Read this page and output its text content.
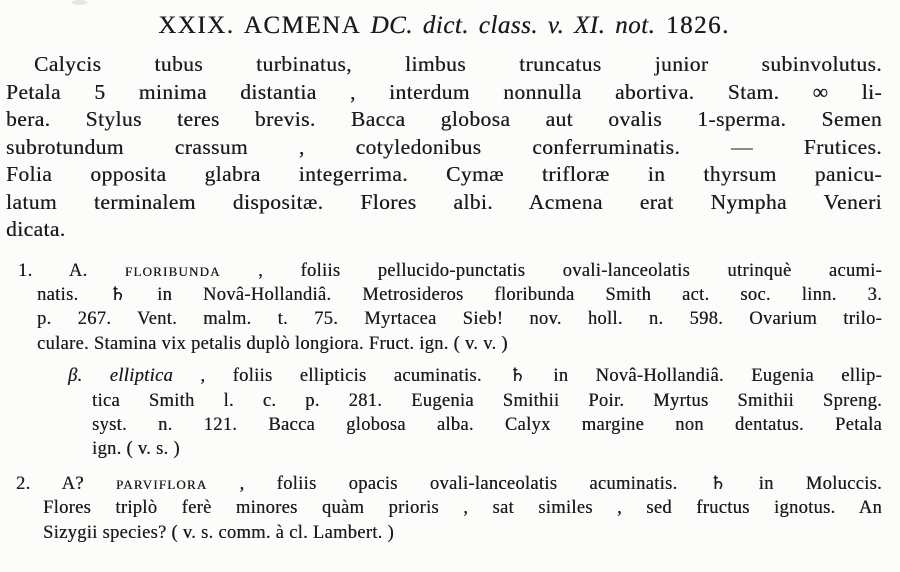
XXIX. ACMENA DC. dict. class. v. XI. not. 1826.
Calycis tubus turbinatus, limbus truncatus junior subinvolutus.
Petala 5 minima distantia , interdum nonnulla abortiva. Stam. ∞ li-
bera. Stylus teres brevis. Bacca globosa aut ovalis 1-sperma. Semen
subrotundum crassum , cotyledonibus conferruminatis. — Frutices.
Folia opposita glabra integerrima. Cymæ trifloræ in thyrsum panicu-
latum terminalem dispositæ. Flores albi. Acmena erat Nympha Veneri
dicata.
1. A. floribunda , foliis pellucido-punctatis ovali-lanceolatis utrinquè acumi-
natis. ♄ in Novâ-Hollandiâ. Metrosideros floribunda Smith act. soc. linn. 3.
p. 267. Vent. malm. t. 75. Myrtacea Sieb! nov. holl. n. 598. Ovarium trilo-
culare. Stamina vix petalis duplò longiora. Fruct. ign. ( v. v. )
β. elliptica , foliis ellipticis acuminatis. ♄ in Novâ-Hollandiâ. Eugenia ellip-
tica Smith l. c. p. 281. Eugenia Smithii Poir. Myrtus Smithii Spreng.
syst. n. 121. Bacca globosa alba. Calyx margine non dentatus. Petala
ign. ( v. s. )
2. A? parviflora , foliis opacis ovali-lanceolatis acuminatis. ♄ in Moluccis.
Flores triplò ferè minores quàm prioris , sat similes , sed fructus ignotus. An
Sizygii species? ( v. s. comm. à cl. Lambert. )
